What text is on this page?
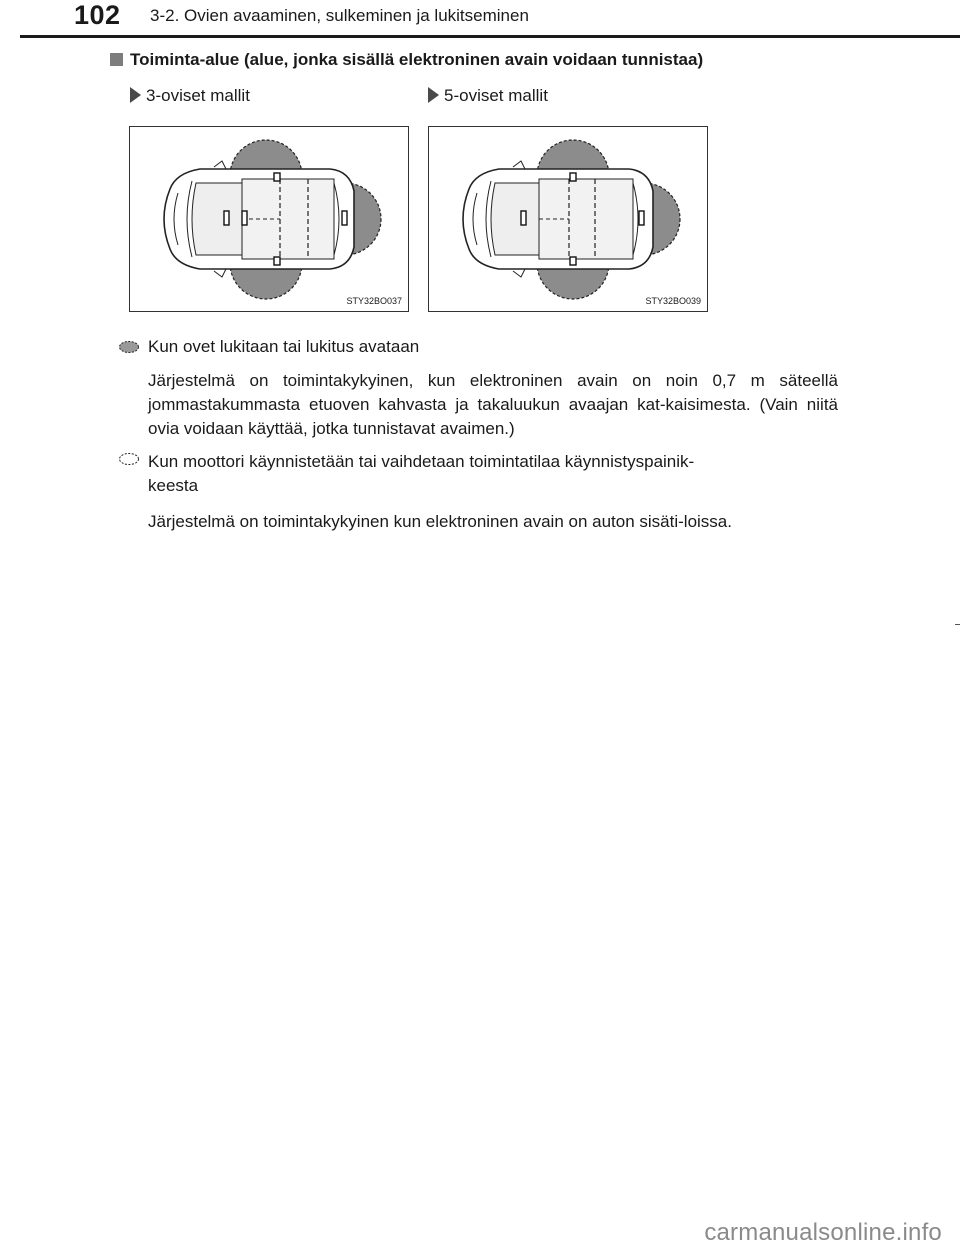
102 3-2. Ovien avaaminen, sulkeminen ja lukitseminen
Toiminta-alue (alue, jonka sisällä elektroninen avain voidaan tunnistaa)
3-oviset mallit	5-oviset mallit
STY32BO037	STY32BO039
Kun ovet lukitaan tai lukitus avataan
Järjestelmä on toimintakykyinen, kun elektroninen avain on noin 0,7 m säteellä jommastakummasta etuoven kahvasta ja takaluukun avaajan kat-kaisimesta. (Vain niitä ovia voidaan käyttää, jotka tunnistavat avaimen.)
Kun moottori käynnistetään tai vaihdetaan toimintatilaa käynnistyspainik-
keesta
Järjestelmä on toimintakykyinen kun elektroninen avain on auton sisäti-loissa.
carmanualsonline.info
